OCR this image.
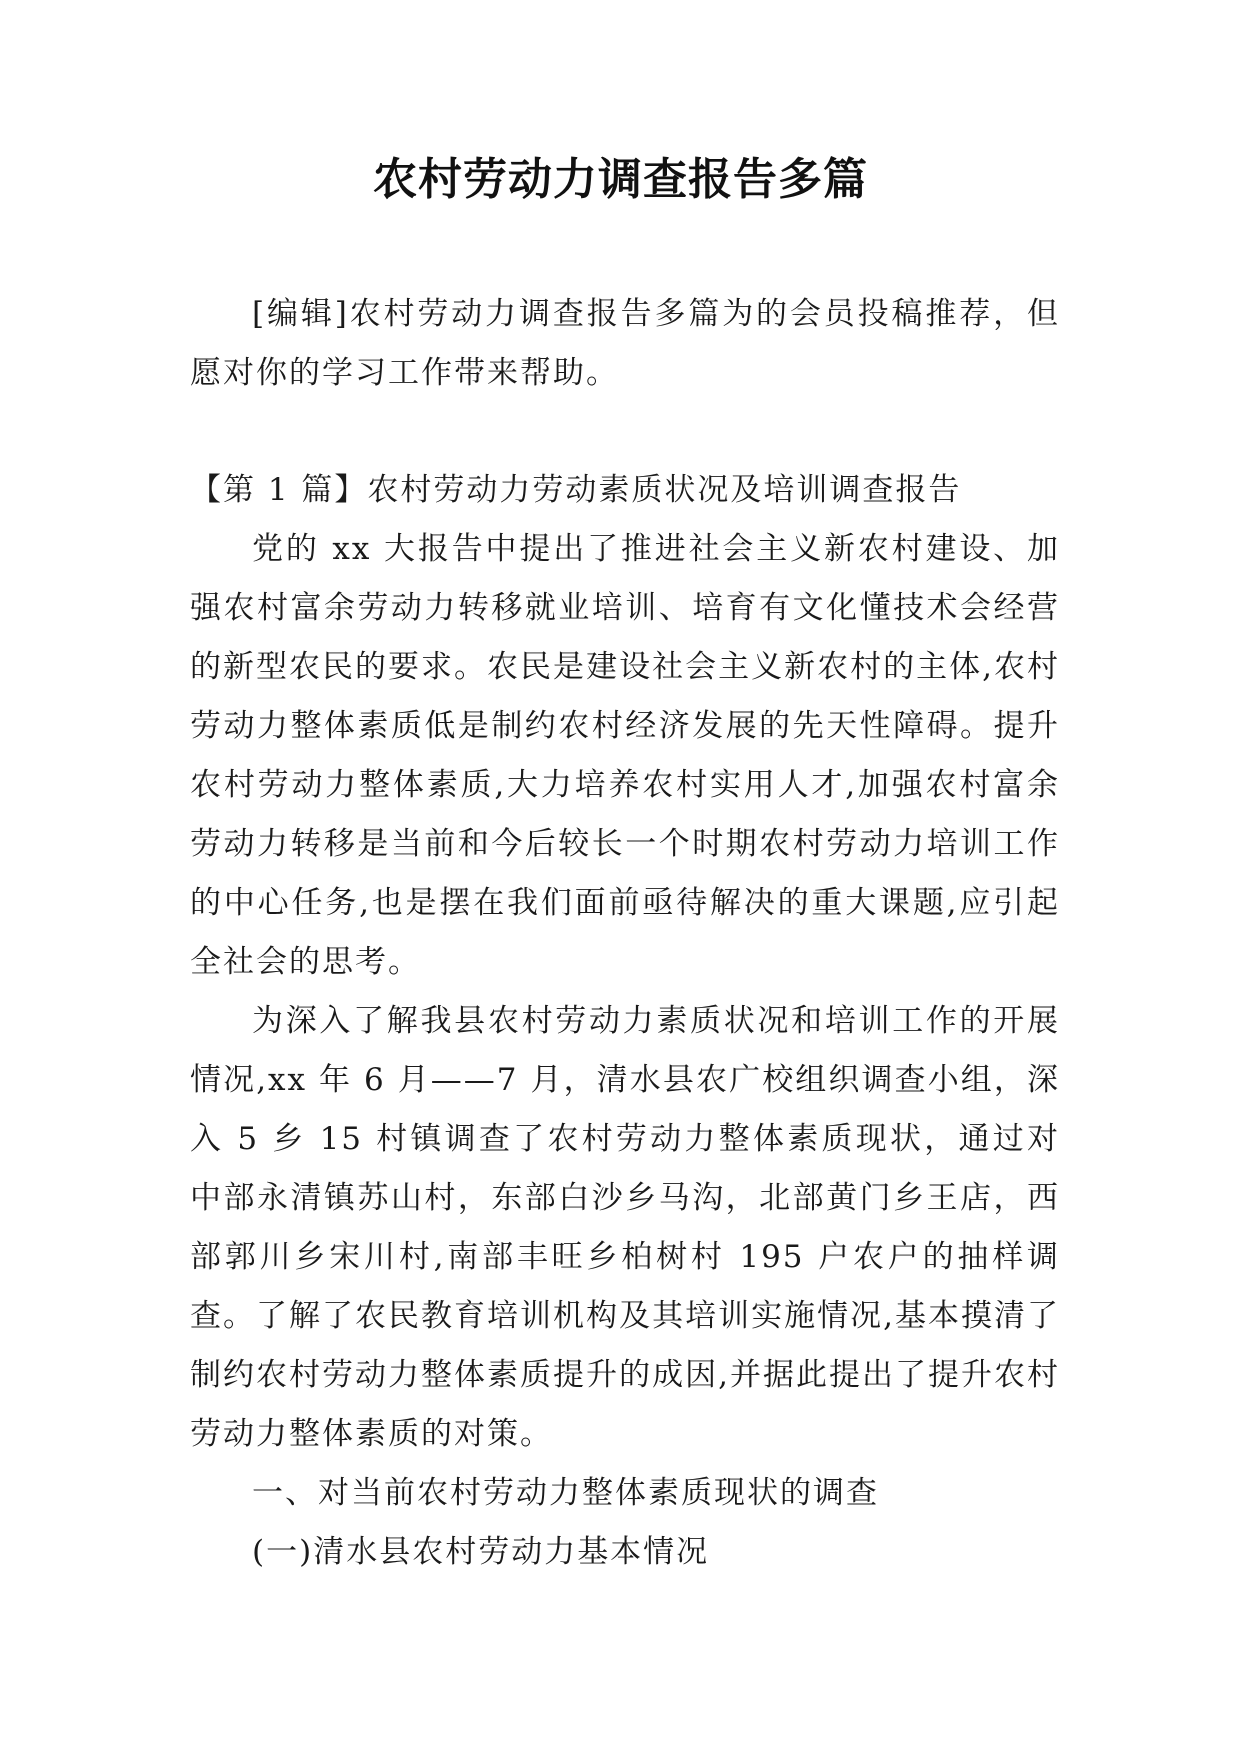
农村劳动力调查报告多篇

[编辑]农村劳动力调查报告多篇为的会员投稿推荐，但愿对你的学习工作带来帮助。

【第 1 篇】农村劳动力劳动素质状况及培训调查报告

党的 xx 大报告中提出了推进社会主义新农村建设、加强农村富余劳动力转移就业培训、培育有文化懂技术会经营的新型农民的要求。农民是建设社会主义新农村的主体,农村劳动力整体素质低是制约农村经济发展的先天性障碍。提升农村劳动力整体素质,大力培养农村实用人才,加强农村富余劳动力转移是当前和今后较长一个时期农村劳动力培训工作的中心任务,也是摆在我们面前亟待解决的重大课题,应引起全社会的思考。

为深入了解我县农村劳动力素质状况和培训工作的开展情况,xx 年 6 月——7 月，清水县农广校组织调查小组，深入 5 乡 15 村镇调查了农村劳动力整体素质现状，通过对中部永清镇苏山村，东部白沙乡马沟，北部黄门乡王店，西部郭川乡宋川村,南部丰旺乡柏树村 195 户农户的抽样调查。了解了农民教育培训机构及其培训实施情况,基本摸清了制约农村劳动力整体素质提升的成因,并据此提出了提升农村劳动力整体素质的对策。

一、对当前农村劳动力整体素质现状的调查

(一)清水县农村劳动力基本情况
